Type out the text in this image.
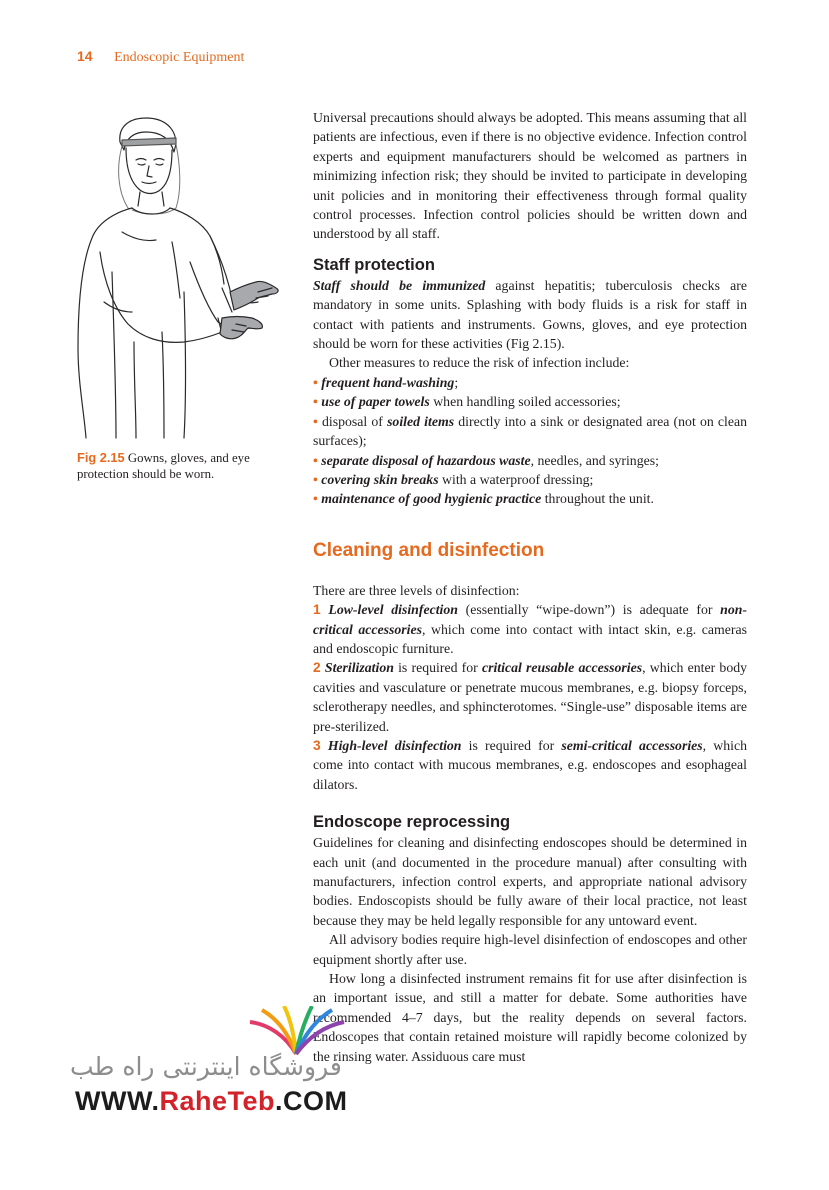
14 Endoscopic Equipment
Fig 2.15 Gowns, gloves, and eye protection should be worn.

Universal precautions should always be adopted. This means assuming that all patients are infectious, even if there is no objective evidence. Infection control experts and equipment manufacturers should be welcomed as partners in minimizing infection risk; they should be invited to participate in developing unit policies and in monitoring their effectiveness through formal quality control processes. Infection control policies should be written down and understood by all staff.

Staff protection

Staff should be immunized against hepatitis; tuberculosis checks are mandatory in some units. Splashing with body fluids is a risk for staff in contact with patients and instruments. Gowns, gloves, and eye protection should be worn for these activities (Fig 2.15).

Other measures to reduce the risk of infection include:

• frequent hand-washing;

• use of paper towels when handling soiled accessories;

• disposal of soiled items directly into a sink or designated area (not on clean surfaces);

• separate disposal of hazardous waste, needles, and syringes;

• covering skin breaks with a waterproof dressing;

• maintenance of good hygienic practice throughout the unit.

Cleaning and disinfection

There are three levels of disinfection:

1 Low-level disinfection (essentially “wipe-down”) is adequate for non-critical accessories, which come into contact with intact skin, e.g. cameras and endoscopic furniture.

2 Sterilization is required for critical reusable accessories, which enter body cavities and vasculature or penetrate mucous membranes, e.g. biopsy forceps, sclerotherapy needles, and sphincterotomes. “Single-use” disposable items are pre-sterilized.

3 High-level disinfection is required for semi-critical accessories, which come into contact with mucous membranes, e.g. endoscopes and esophageal dilators.

Endoscope reprocessing

Guidelines for cleaning and disinfecting endoscopes should be determined in each unit (and documented in the procedure manual) after consulting with manufacturers, infection control experts, and appropriate national advisory bodies. Endoscopists should be fully aware of their local practice, not least because they may be held legally responsible for any untoward event.

All advisory bodies require high-level disinfection of endoscopes and other equipment shortly after use.

How long a disinfected instrument remains fit for use after disinfection is an important issue, and still a matter for debate. Some authorities have recommended 4–7 days, but the reality depends on several factors. Endoscopes that contain retained moisture will rapidly become colonized by the rinsing water. Assiduous care must

فروشگاه اینترنتی راه طب
WWW.RaheTeb.COM
